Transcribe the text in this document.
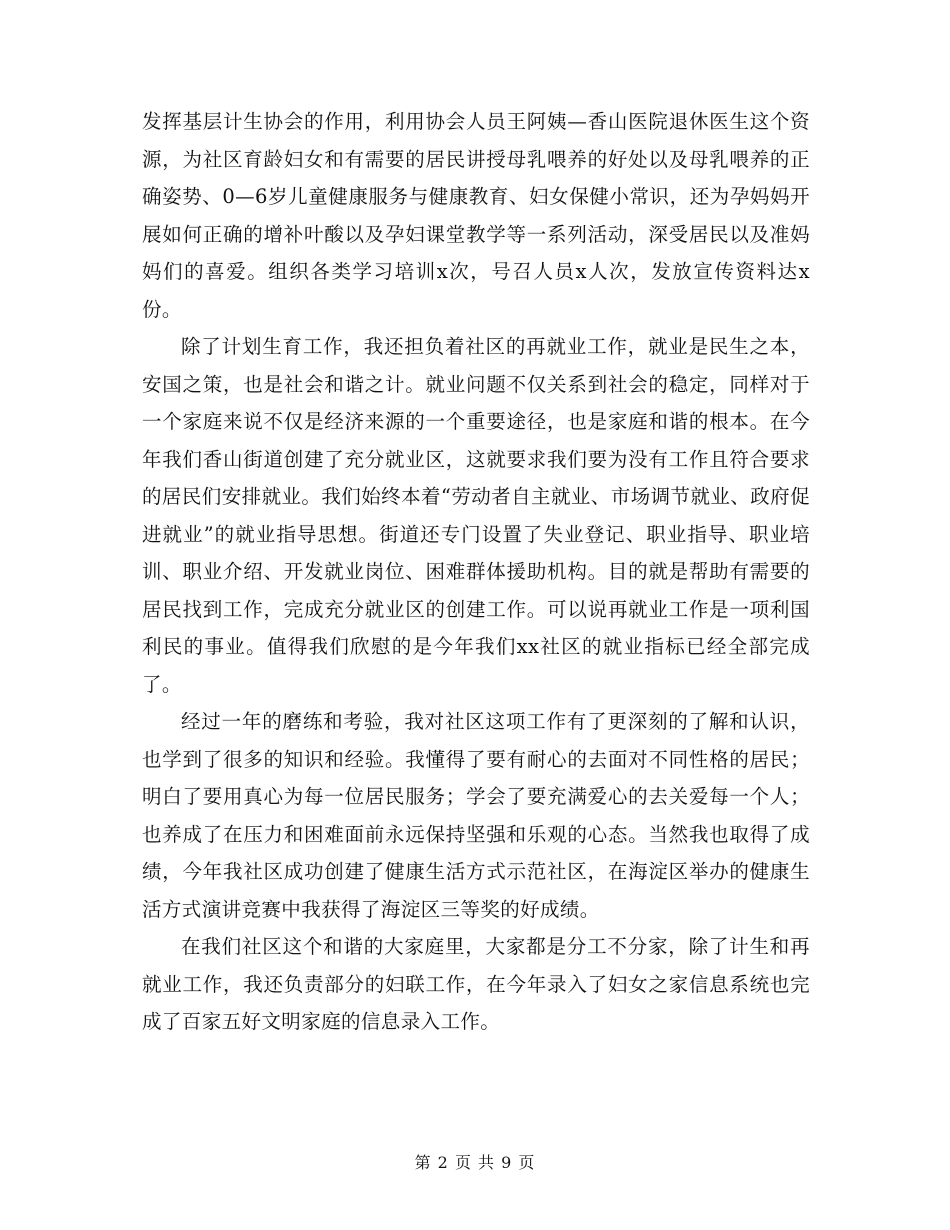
发挥基层计生协会的作用，利用协会人员王阿姨—香山医院退休医生这个资源，为社区育龄妇女和有需要的居民讲授母乳喂养的好处以及母乳喂养的正确姿势、0—6岁儿童健康服务与健康教育、妇女保健小常识，还为孕妈妈开展如何正确的增补叶酸以及孕妇课堂教学等一系列活动，深受居民以及准妈妈们的喜爱。组织各类学习培训x次，号召人员x人次，发放宣传资料达x份。

除了计划生育工作，我还担负着社区的再就业工作，就业是民生之本，安国之策，也是社会和谐之计。就业问题不仅关系到社会的稳定，同样对于一个家庭来说不仅是经济来源的一个重要途径，也是家庭和谐的根本。在今年我们香山街道创建了充分就业区，这就要求我们要为没有工作且符合要求的居民们安排就业。我们始终本着“劳动者自主就业、市场调节就业、政府促进就业”的就业指导思想。街道还专门设置了失业登记、职业指导、职业培训、职业介绍、开发就业岗位、困难群体援助机构。目的就是帮助有需要的居民找到工作，完成充分就业区的创建工作。可以说再就业工作是一项利国利民的事业。值得我们欣慰的是今年我们xx社区的就业指标已经全部完成了。

经过一年的磨练和考验，我对社区这项工作有了更深刻的了解和认识，也学到了很多的知识和经验。我懂得了要有耐心的去面对不同性格的居民；明白了要用真心为每一位居民服务；学会了要充满爱心的去关爱每一个人；也养成了在压力和困难面前永远保持坚强和乐观的心态。当然我也取得了成绩，今年我社区成功创建了健康生活方式示范社区，在海淀区举办的健康生活方式演讲竞赛中我获得了海淀区三等奖的好成绩。

在我们社区这个和谐的大家庭里，大家都是分工不分家，除了计生和再就业工作，我还负责部分的妇联工作，在今年录入了妇女之家信息系统也完成了百家五好文明家庭的信息录入工作。

第 2 页 共 9 页
